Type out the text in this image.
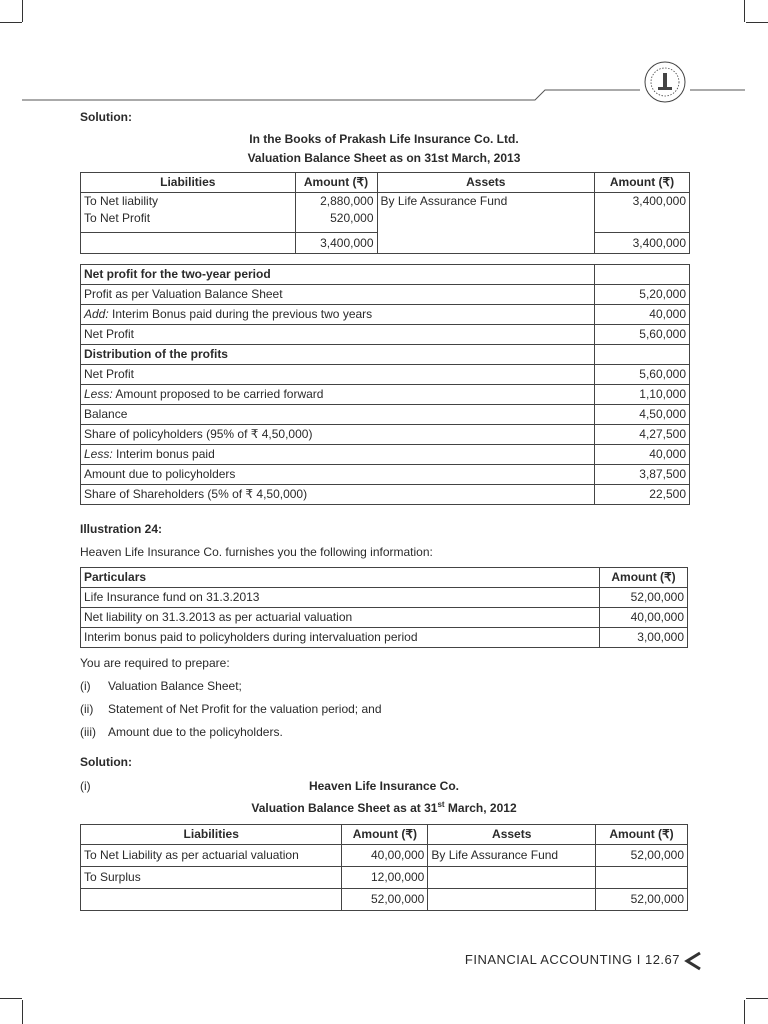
Solution:
In the Books of Prakash Life Insurance Co. Ltd.
Valuation Balance Sheet as on 31st March, 2013
Liabilities	Amount (₹)	Assets	Amount (₹)
To Net liability	2,880,000	By Life Assurance Fund	3,400,000
To Net Profit	520,000		
	3,400,000		3,400,000
Net profit for the two-year period	
Profit as per Valuation Balance Sheet	5,20,000
Add: Interim Bonus paid during the previous two years	40,000
Net Profit	5,60,000
Distribution of the profits	
Net Profit	5,60,000
Less: Amount proposed to be carried forward	1,10,000
Balance	4,50,000
Share of policyholders (95% of ₹ 4,50,000)	4,27,500
Less: Interim bonus paid	40,000
Amount due to policyholders	3,87,500
Share of Shareholders (5% of ₹ 4,50,000)	22,500
Illustration 24:
Heaven Life Insurance Co. furnishes you the following information:
Particulars	Amount (₹)
Life Insurance fund on 31.3.2013	52,00,000
Net liability on 31.3.2013 as per actuarial valuation	40,00,000
Interim bonus paid to policyholders during intervaluation period	3,00,000
You are required to prepare:
(i) Valuation Balance Sheet;
(ii) Statement of Net Profit for the valuation period; and
(iii) Amount due to the policyholders.
Solution:
(i)	Heaven Life Insurance Co.
Valuation Balance Sheet as at 31st March, 2012
Liabilities	Amount (₹)	Assets	Amount (₹)
To Net Liability as per actuarial valuation	40,00,000	By Life Assurance Fund	52,00,000
To Surplus	12,00,000		
	52,00,000		52,00,000
FINANCIAL ACCOUNTING I 12.67
